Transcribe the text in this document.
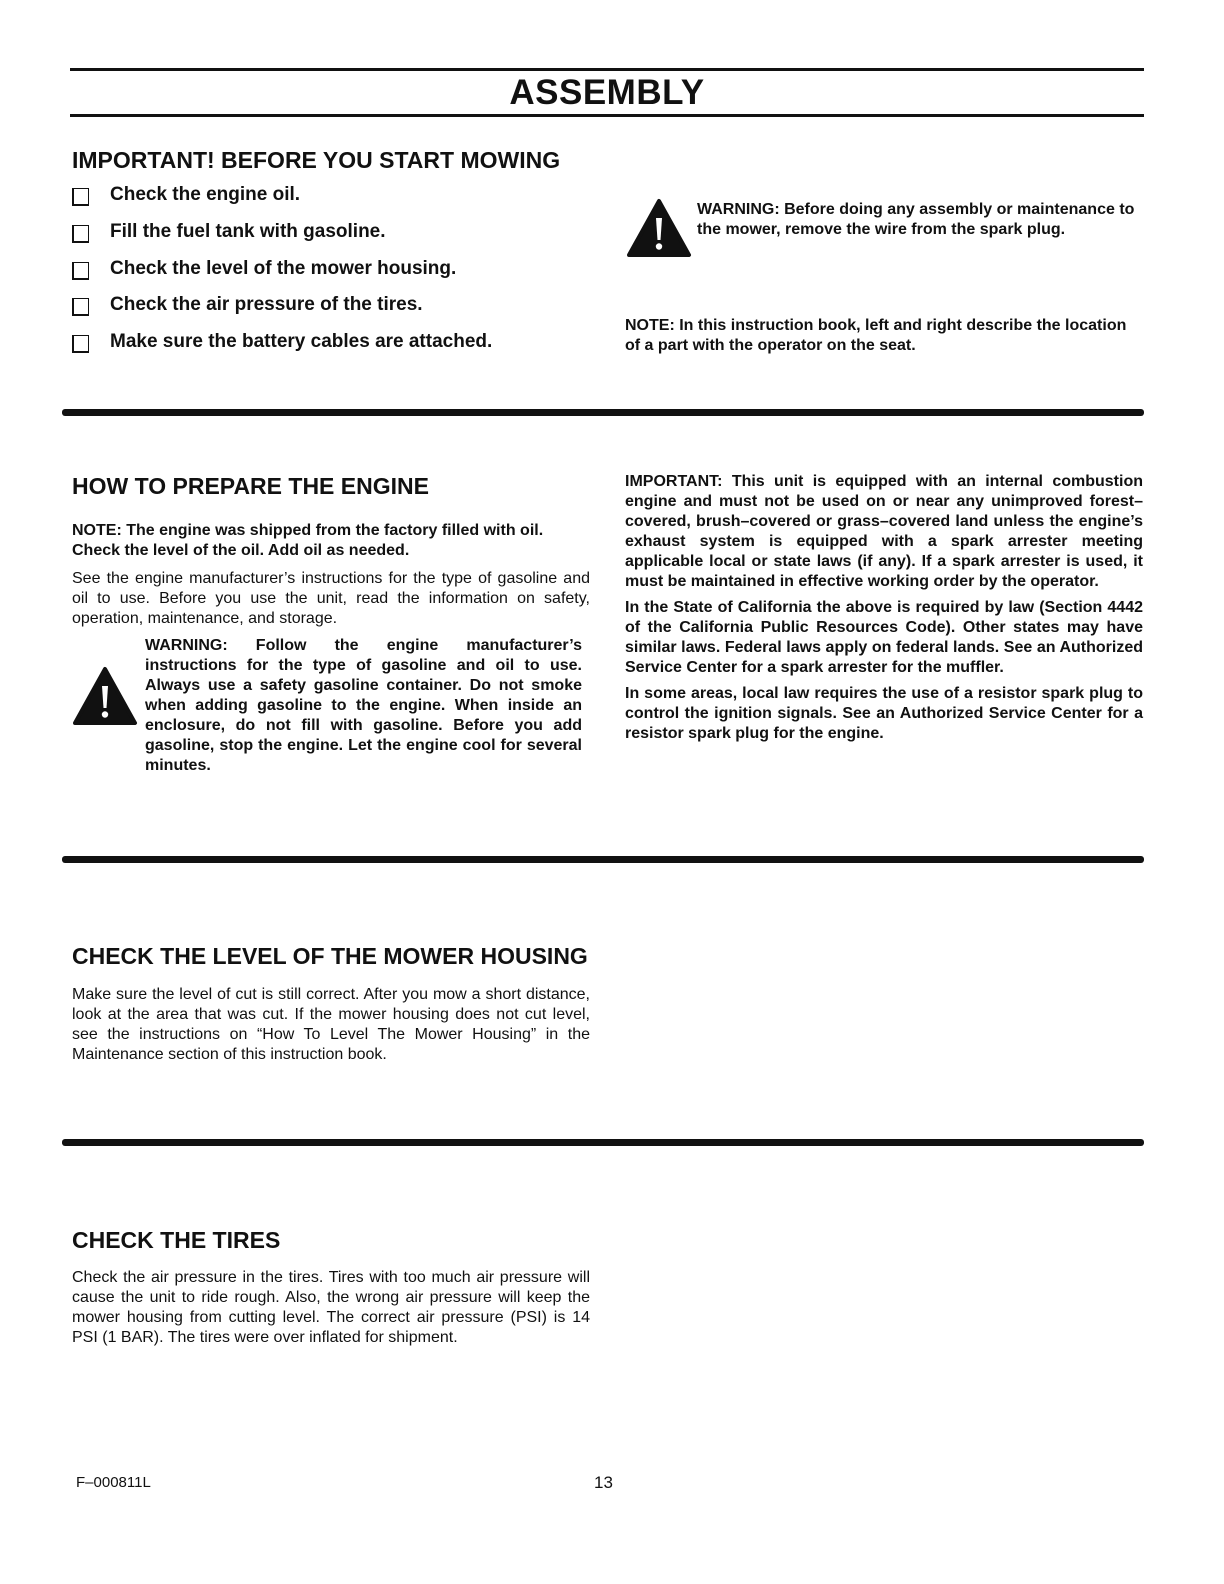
ASSEMBLY
IMPORTANT! BEFORE YOU START MOWING
Check the engine oil.
Fill the fuel tank with gasoline.
Check the level of the mower housing.
Check the air pressure of the tires.
Make sure the battery cables are attached.
WARNING: Before doing any assembly or maintenance to the mower, remove the wire from the spark plug.
NOTE: In this instruction book, left and right describe the location of a part with the operator on the seat.
HOW TO PREPARE THE ENGINE
NOTE: The engine was shipped from the factory filled with oil. Check the level of the oil. Add oil as needed.
See the engine manufacturer’s instructions for the type of gasoline and oil to use. Before you use the unit, read the information on safety, operation, maintenance, and storage.
WARNING: Follow the engine manufacturer’s instructions for the type of gasoline and oil to use. Always use a safety gasoline container. Do not smoke when adding gasoline to the engine. When inside an enclosure, do not fill with gasoline. Before you add gasoline, stop the engine. Let the engine cool for several minutes.
IMPORTANT: This unit is equipped with an internal combustion engine and must not be used on or near any unimproved forest–covered, brush–covered or grass–covered land unless the engine’s exhaust system is equipped with a spark arrester meeting applicable local or state laws (if any). If a spark arrester is used, it must be maintained in effective working order by the operator.
In the State of California the above is required by law (Section 4442 of the California Public Resources Code). Other states may have similar laws. Federal laws apply on federal lands. See an Authorized Service Center for a spark arrester for the muffler.
In some areas, local law requires the use of a resistor spark plug to control the ignition signals. See an Authorized Service Center for a resistor spark plug for the engine.
CHECK THE LEVEL OF THE MOWER HOUSING
Make sure the level of cut is still correct. After you mow a short distance, look at the area that was cut. If the mower housing does not cut level, see the instructions on “How To Level The Mower Housing” in the Maintenance section of this instruction book.
CHECK THE TIRES
Check the air pressure in the tires. Tires with too much air pressure will cause the unit to ride rough. Also, the wrong air pressure will keep the mower housing from cutting level. The correct air pressure (PSI) is 14 PSI (1 BAR). The tires were over inflated for shipment.
F–000811L	13
